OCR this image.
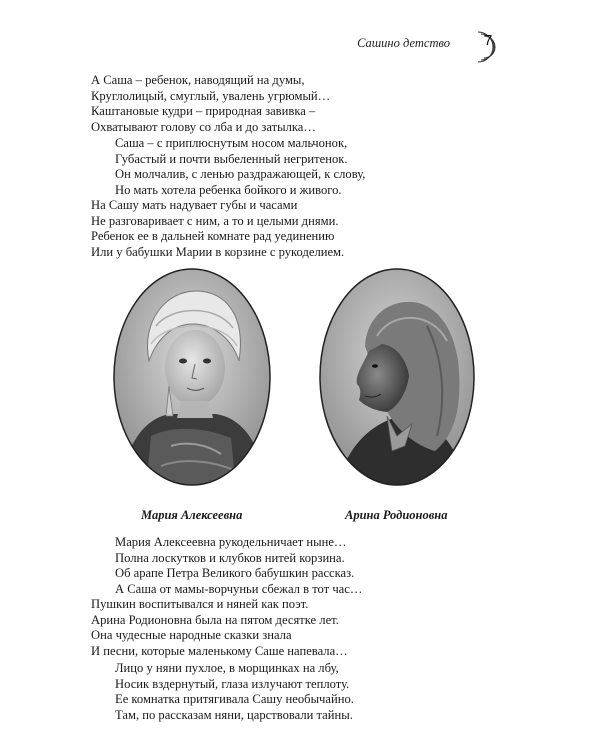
Сашино детство 7
А Саша – ребенок, наводящий на думы,
Круглолицый, смуглый, увалень угрюмый…
Каштановые кудри – природная завивка –
Охватывают голову со лба и до затылка…
Саша – с приплюснутым носом мальчонок,
Губастый и почти выбеленный негритенок.
Он молчалив, с ленью раздражающей, к слову,
Но мать хотела ребенка бойкого и живого.
На Сашу мать надувает губы и часами
Не разговаривает с ним, а то и целыми днями.
Ребенок ее в дальней комнате рад уединению
Или у бабушки Марии в корзине с рукоделием.
Мария Алексеевна	Арина Родионовна
Мария Алексеевна рукодельничает ныне…
Полна лоскутков и клубков нитей корзина.
Об арапе Петра Великого бабушкин рассказ.
А Саша от мамы-ворчуньи сбежал в тот час…
Пушкин воспитывался и няней как поэт.
Арина Родионовна была на пятом десятке лет.
Она чудесные народные сказки знала
И песни, которые маленькому Саше напевала…
Лицо у няни пухлое, в морщинках на лбу,
Носик вздернутый, глаза излучают теплоту.
Ее комнатка притягивала Сашу необычайно.
Там, по рассказам няни, царствовали тайны.
